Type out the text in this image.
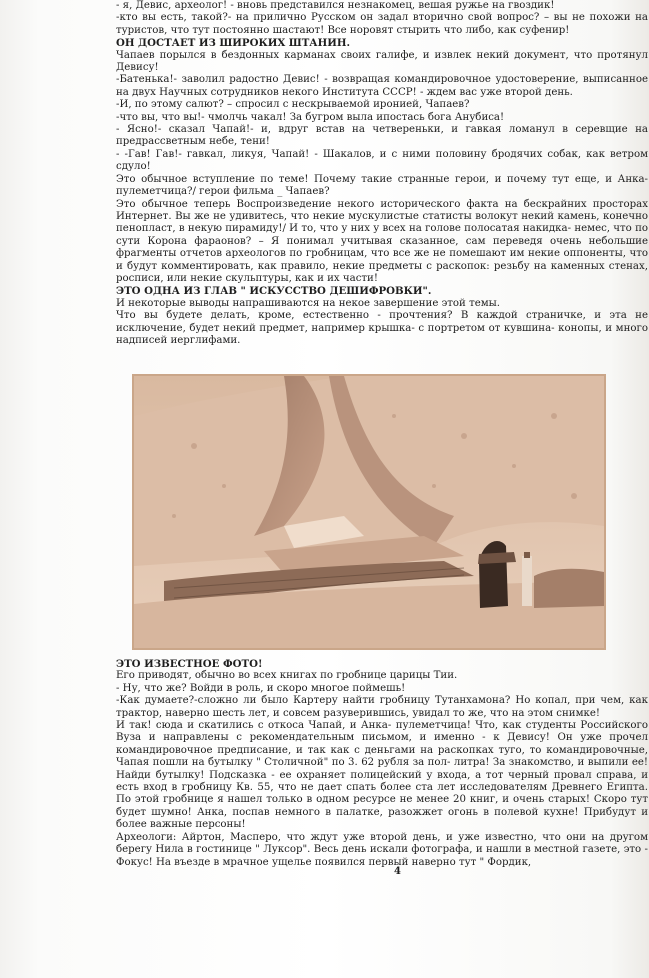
- я, Девис, археолог! - вновь представился незнакомец, вешая ружье на гвоздик!

-кто вы есть, такой?- на прилично Русском он задал вторично свой вопрос? – вы не похожи на туристов, что тут постоянно шастают! Все норовят стырить что либо, как суфенир!

ОН ДОСТАЕТ ИЗ ШИРОКИХ ШТАНИН.

Чапаев порылся в бездонных карманах своих галифе, и извлек некий документ, что протянул Девису!

-Батенька!- заволил радостно Девис! - возвращая командировочное удостоверение, выписанное на двух Научных сотрудников некого Института СССР! - ждем вас уже второй день.

-И, по этому салют? – спросил с нескрываемой иронией, Чапаев?

-что вы, что вы!- чмолчь чакал! За бугром выла ипостась бога Анубиса!

- Ясно!- сказал Чапай!- и, вдруг встав на четвереньки, и гавкая ломанул в серевщие на предрассветным небе, тени!

- -Гав! Гав!- гавкал, ликуя, Чапай! - Шакалов, и с ними половину бродячих собак, как ветром сдуло!

Это обычное вступление по теме! Почему такие странные герои, и почему тут еще, и Анка-пулеметчица?/ герои фильма _ Чапаев?

Это обычное теперь Воспроизведение некого исторического факта на бескрайних просторах Интернет. Вы же не удивитесь, что некие мускулистые статисты волокут некий камень, конечно пенопласт, в некую пирамиду!/ И то, что у них у всех на голове полосатая накидка- немес, что по сути Корона фараонов? – Я понимал учитывая сказанное, сам переведя очень небольшие фрагменты отчетов археологов по гробницам, что все же не помешают им некие оппоненты, что и будут комментировать, как правило, некие предметы с раскопок: резьбу на каменных стенах, росписи, или некие скульптуры, как и их части!

ЭТО ОДНА ИЗ ГЛАВ " ИСКУССТВО ДЕШИФРОВКИ".

И некоторые выводы напрашиваются на некое завершение этой темы.

Что вы будете делать, кроме, естественно - прочтения? В каждой страничке, и эта не исключение, будет некий предмет, например крышка- с портретом от кувшина- конопы, и много надписей иерглифами.

ЭТО ИЗВЕСТНОЕ ФОТО!

Его приводят, обычно во всех книгах по гробнице царицы Тии.

- Ну, что же? Войди в роль, и скоро многое поймешь!

-Как думаете?-сложно ли было Картеру найти гробницу Тутанхамона? Но копал, при чем, как трактор, наверно шесть лет, и совсем разуверившись, увидал то же, что на этом снимке!

И так! сюда и скатились с откоса Чапай, и Анка- пулеметчица! Что, как студенты Российского Вуза и направлены с рекомендательным письмом, и именно - к Девису! Он уже прочел командировочное предписание, и так как с деньгами на раскопках туго, то командировочные, Чапая пошли на бутылку " Столичной" по 3. 62 рубля за пол- литра! За знакомство, и выпили ее! Найди бутылку! Подсказка - ее охраняет полицейский у входа, а тот черный провал справа, и есть вход в гробницу Кв. 55, что не дает спать более ста лет исследователям Древнего Египта. По этой гробнице я нашел только в одном ресурсе не менее 20 книг, и очень старых! Скоро тут будет шумно! Анка, поспав немного в палатке, разожжет огонь в полевой кухне! Прибудут и более важные персоны!

Археологи: Айртон, Масперо, что ждут уже второй день, и уже известно, что они на другом берегу Нила в гостинице " Луксор". Весь день искали фотографа, и нашли в местной газете, это - Фокус! На въезде в мрачное ущелье появился первый наверно тут " Фордик,

4
